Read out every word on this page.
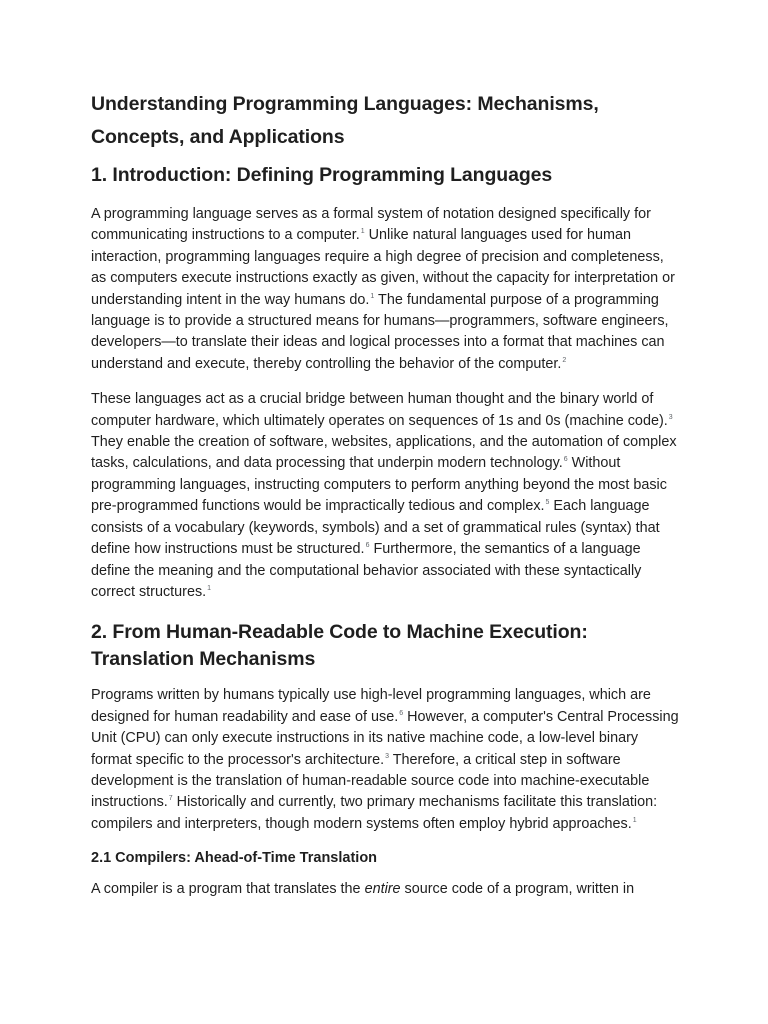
Understanding Programming Languages: Mechanisms, Concepts, and Applications
1. Introduction: Defining Programming Languages

A programming language serves as a formal system of notation designed specifically for communicating instructions to a computer.$^1$ Unlike natural languages used for human interaction, programming languages require a high degree of precision and completeness, as computers execute instructions exactly as given, without the capacity for interpretation or understanding intent in the way humans do.$^1$ The fundamental purpose of a programming language is to provide a structured means for humans—programmers, software engineers, developers—to translate their ideas and logical processes into a format that machines can understand and execute, thereby controlling the behavior of the computer.$^2$

These languages act as a crucial bridge between human thought and the binary world of computer hardware, which ultimately operates on sequences of 1s and 0s (machine code).$^3$ They enable the creation of software, websites, applications, and the automation of complex tasks, calculations, and data processing that underpin modern technology.$^6$ Without programming languages, instructing computers to perform anything beyond the most basic pre-programmed functions would be impractically tedious and complex.$^5$ Each language consists of a vocabulary (keywords, symbols) and a set of grammatical rules (syntax) that define how instructions must be structured.$^6$ Furthermore, the semantics of a language define the meaning and the computational behavior associated with these syntactically correct structures.$^1$

2. From Human-Readable Code to Machine Execution: Translation Mechanisms

Programs written by humans typically use high-level programming languages, which are designed for human readability and ease of use.$^6$ However, a computer's Central Processing Unit (CPU) can only execute instructions in its native machine code, a low-level binary format specific to the processor's architecture.$^3$ Therefore, a critical step in software development is the translation of human-readable source code into machine-executable instructions.$^7$ Historically and currently, two primary mechanisms facilitate this translation: compilers and interpreters, though modern systems often employ hybrid approaches.$^1$

2.1 Compilers: Ahead-of-Time Translation

A compiler is a program that translates the entire source code of a program, written in
